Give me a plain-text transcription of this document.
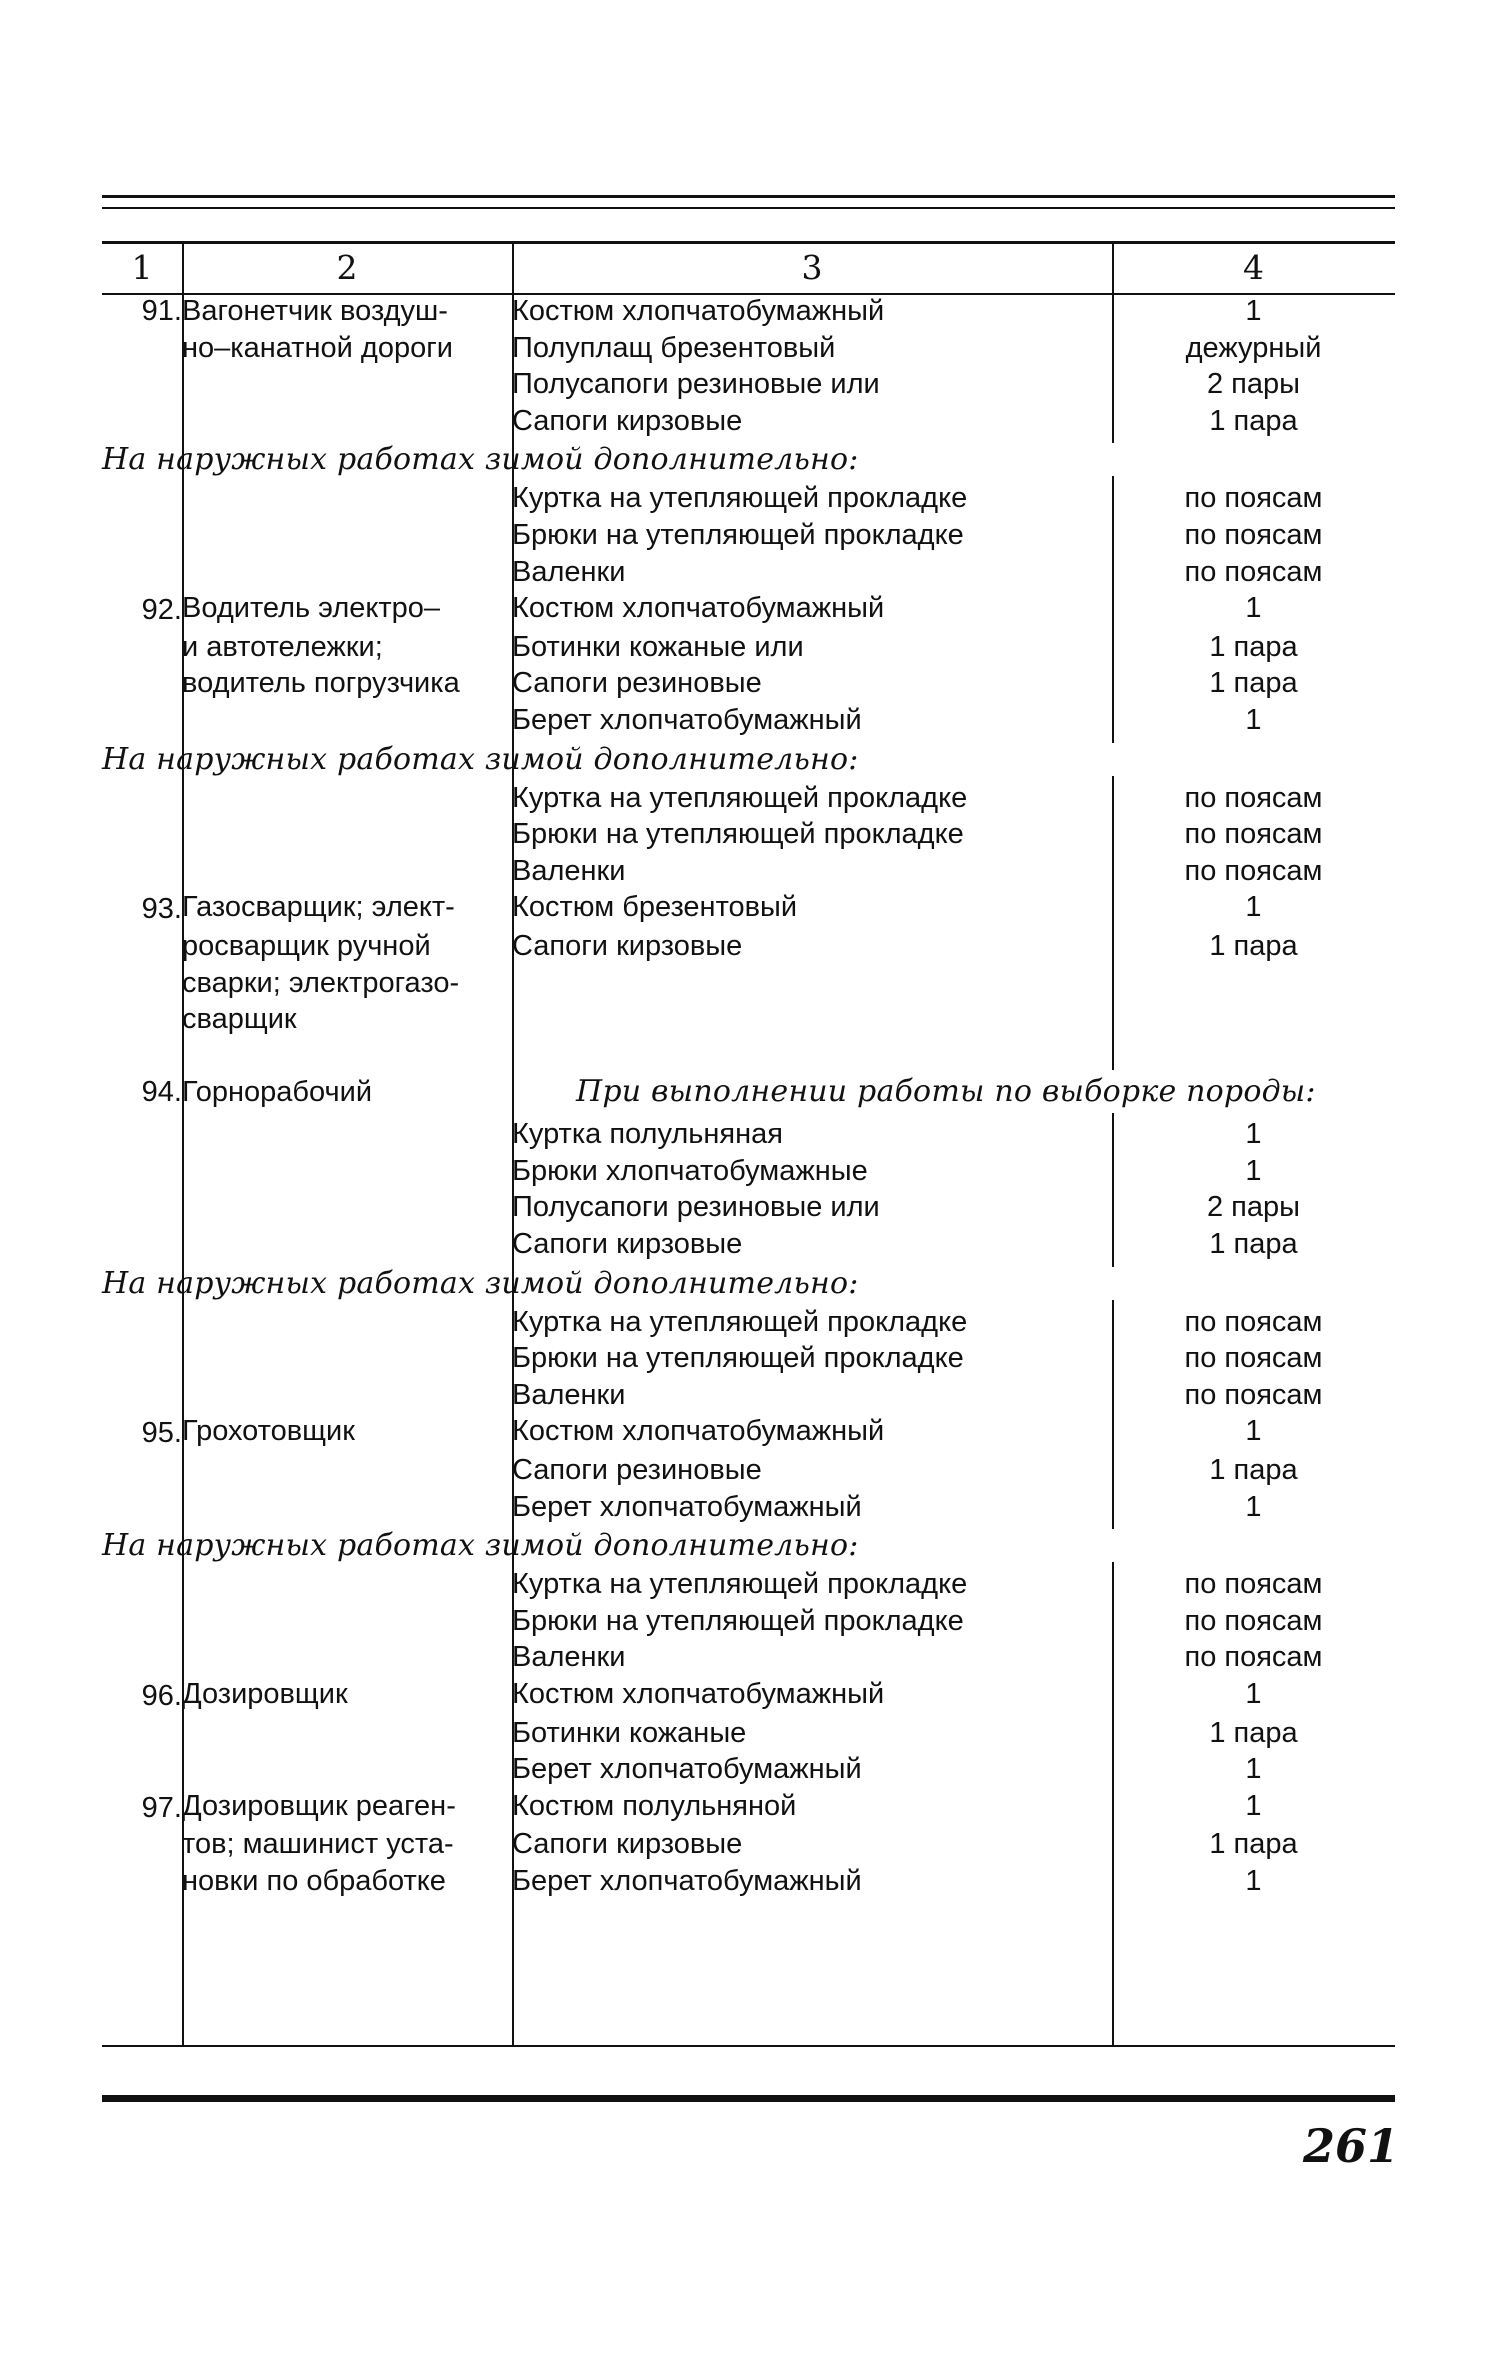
1	2	3	4
91.	Вагонетчик воздуш-	Костюм хлопчатобумажный	1

	но–канатной дороги	Полуплащ брезентовый	дежурный
		Полусапоги резиновые или	2 пары
		Сапоги кирзовые	1 пара
На наружных работах зимой дополнительно:			
		Куртка на утепляющей прокладке	по поясам
		Брюки на утепляющей прокладке	по поясам
		Валенки	по поясам
92.	Водитель электро–	Костюм хлопчатобумажный	1

	и автотележки;	Ботинки кожаные или	1 пара

	водитель погрузчика	Сапоги резиновые	1 пара
		Берет хлопчатобумажный	1
На наружных работах зимой дополнительно:			
		Куртка на утепляющей прокладке	по поясам
		Брюки на утепляющей прокладке	по поясам
		Валенки	по поясам
93.	Газосварщик; элект-	Костюм брезентовый	1

	росварщик ручной	Сапоги кирзовые	1 пара

	сварки; электрогазо-		

	сварщик		

94.	Горнорабочий	При выполнении работы по выборке породы:	
		Куртка полульняная	1
		Брюки хлопчатобумажные	1
		Полусапоги резиновые или	2 пары
		Сапоги кирзовые	1 пара
На наружных работах зимой дополнительно:			
		Куртка на утепляющей прокладке	по поясам
		Брюки на утепляющей прокладке	по поясам
		Валенки	по поясам
95.	Грохотовщик	Костюм хлопчатобумажный	1
		Сапоги резиновые	1 пара
		Берет хлопчатобумажный	1
На наружных работах зимой дополнительно:			
		Куртка на утепляющей прокладке	по поясам
		Брюки на утепляющей прокладке	по поясам
		Валенки	по поясам
96.	Дозировщик	Костюм хлопчатобумажный	1
		Ботинки кожаные	1 пара
		Берет хлопчатобумажный	1
97.	Дозировщик реаген-	Костюм полульняной	1

	тов; машинист уста-	Сапоги кирзовые	1 пара

	новки по обработке	Берет хлопчатобумажный	1
261
